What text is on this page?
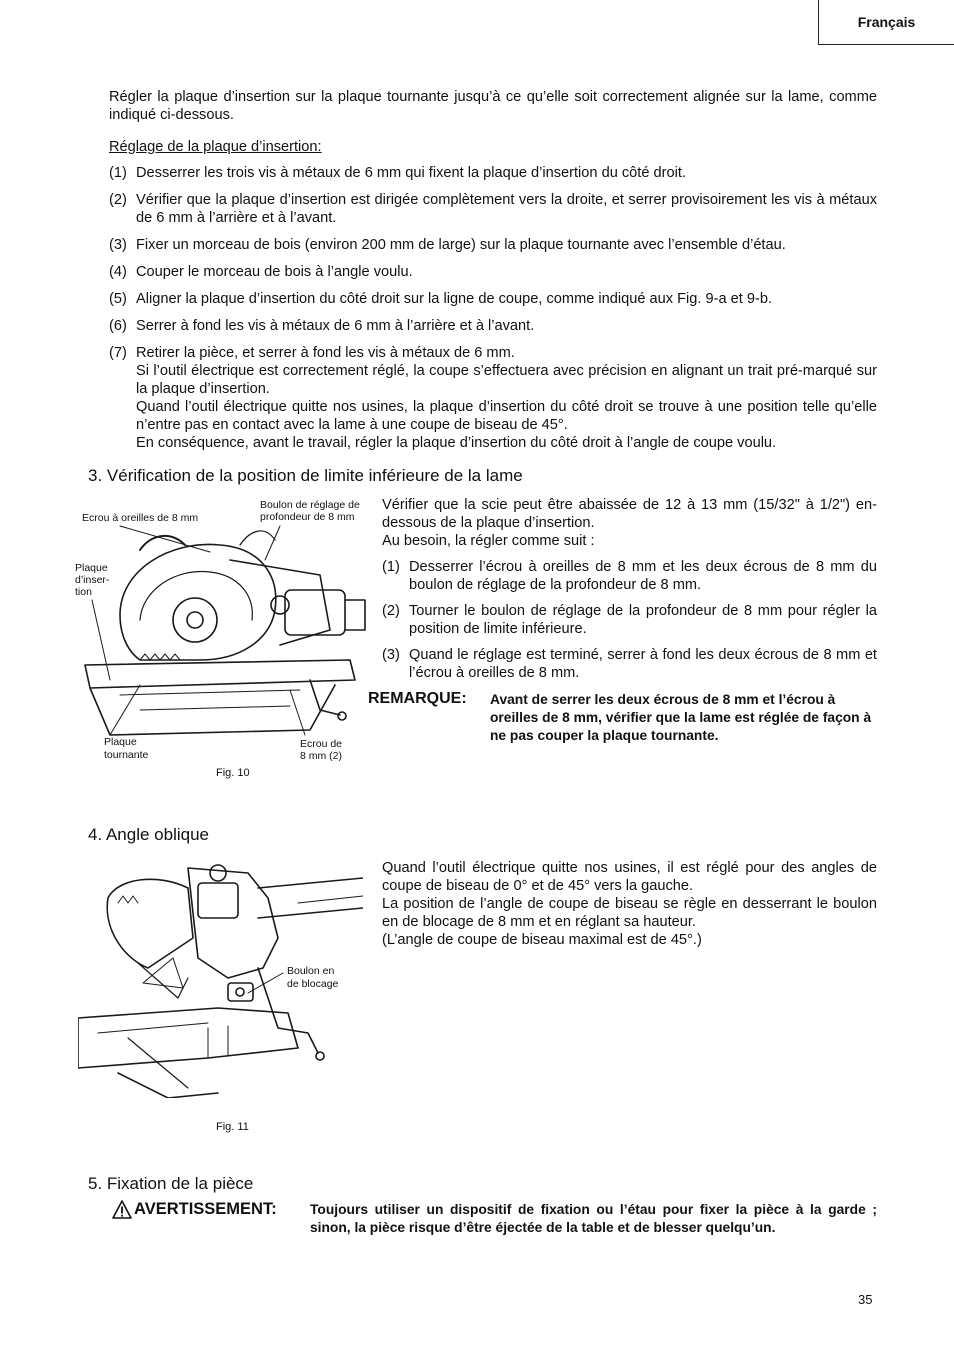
Français

Régler la plaque d’insertion sur la plaque tournante jusqu’à ce qu’elle soit correctement alignée sur la lame, comme indiqué ci-dessous.

Réglage de la plaque d’insertion:

(1) Desserrer les trois vis à métaux de 6 mm qui fixent la plaque d’insertion du côté droit.
(2) Vérifier que la plaque d’insertion est dirigée complètement vers la droite, et serrer provisoirement les vis à métaux de 6 mm à l’arrière et à l’avant.
(3) Fixer un morceau de bois (environ 200 mm de large) sur la plaque tournante avec l’ensemble d’étau.
(4) Couper le morceau de bois à l’angle voulu.
(5) Aligner la plaque d’insertion du côté droit sur la ligne de coupe, comme indiqué aux Fig. 9-a et 9-b.
(6) Serrer à fond les vis à métaux de 6 mm à l’arrière et à l’avant.
(7) Retirer la pièce, et serrer à fond les vis à métaux de 6 mm.
Si l’outil électrique est correctement réglé, la coupe s’effectuera avec précision en alignant un trait pré-marqué sur la plaque d’insertion.
Quand l’outil électrique quitte nos usines, la plaque d’insertion du côté droit se trouve à une position telle qu’elle n’entre pas en contact avec la lame à une coupe de biseau de 45°.
En conséquence, avant le travail, régler la plaque d’insertion du côté droit à l’angle de coupe voulu.
3. Vérification de la position de limite inférieure de la lame
Ecrou à oreilles de 8 mm
Boulon de réglage de
profondeur de 8 mm
Plaque
d’inser-
tion
Plaque
tournante
Ecrou de
8 mm (2)
Fig. 10

Vérifier que la scie peut être abaissée de 12 à 13 mm (15/32" à 1/2") en-dessous de la plaque d’insertion.

Au besoin, la régler comme suit :

(1) Desserrer l’écrou à oreilles de 8 mm et les deux écrous de 8 mm du boulon de réglage de la profondeur de 8 mm.
(2) Tourner le boulon de réglage de la profondeur de 8 mm pour régler la position de limite inférieure.
(3) Quand le réglage est terminé, serrer à fond les deux écrous de 8 mm et l’écrou à oreilles de 8 mm.
REMARQUE: Avant de serrer les deux écrous de 8 mm et l’écrou à oreilles de 8 mm, vérifier que la lame est réglée de façon à ne pas couper la plaque tournante.
4. Angle oblique

Quand l’outil électrique quitte nos usines, il est réglé pour des angles de coupe de biseau de 0° et de 45° vers la gauche.

La position de l’angle de coupe de biseau se règle en desserrant le boulon en de blocage de 8 mm et en réglant sa hauteur.

(L’angle de coupe de biseau maximal est de 45°.)

Boulon en
de blocage
Fig. 11
5. Fixation de la pièce
AVERTISSEMENT: Toujours utiliser un dispositif de fixation ou l’étau pour fixer la pièce à la garde ; sinon, la pièce risque d’être éjectée de la table et de blesser quelqu’un.
35
